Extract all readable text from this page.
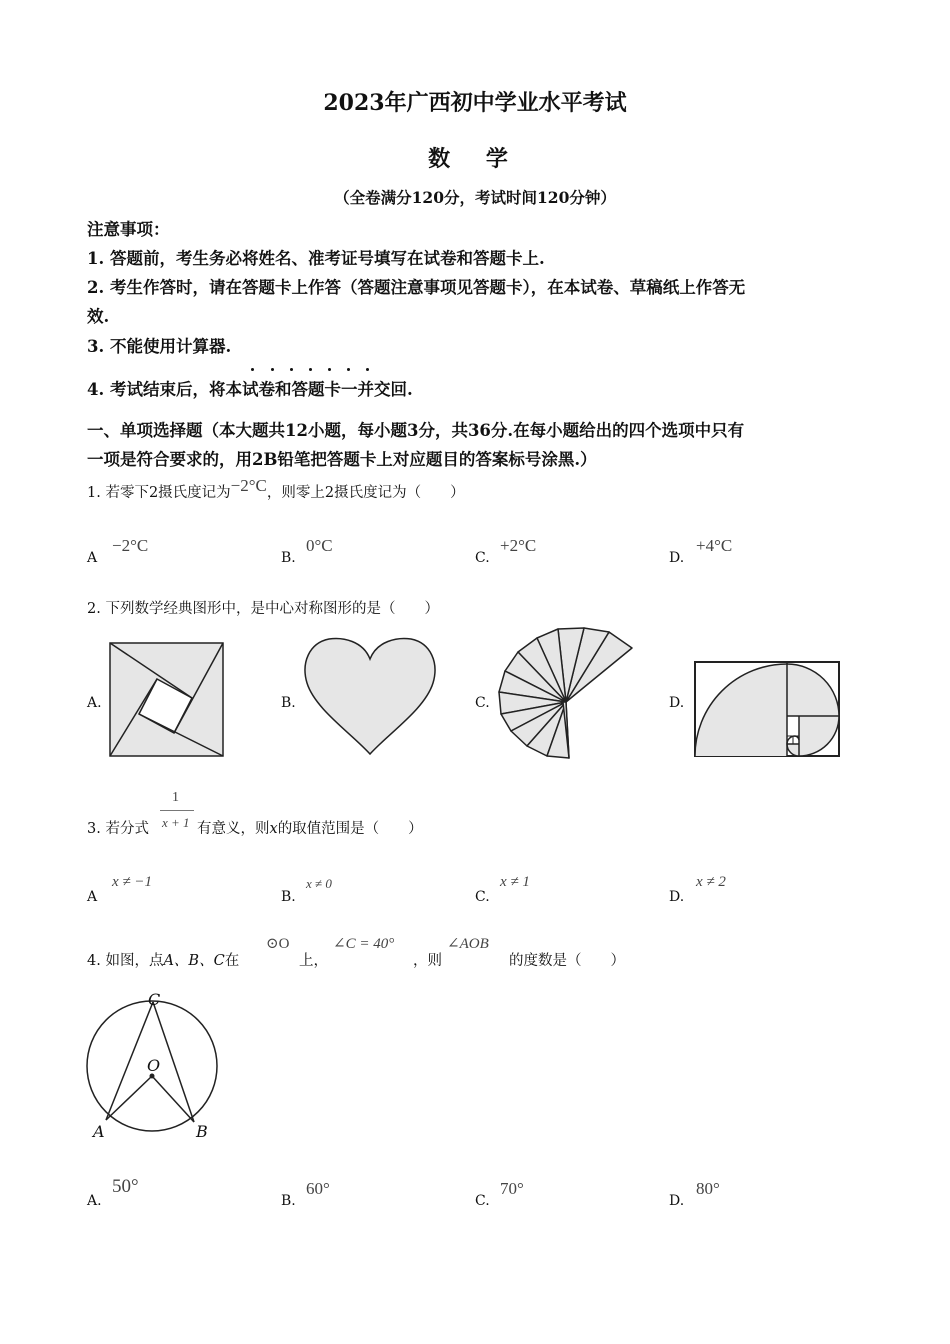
2023年广西初中学业水平考试
数 学
（全卷满分120分，考试时间120分钟）
注意事项：
1. 答题前，考生务必将姓名、准考证号填写在试卷和答题卡上.
2. 考生作答时，请在答题卡上作答（答题注意事项见答题卡），在本试卷、草稿纸上作答无
效.
3. 不能使用计算器.
4. 考试结束后，将本试卷和答题卡一并交回.
一、单项选择题（本大题共12小题，每小题3分，共36分.在每小题给出的四个选项中只有
一项是符合要求的，用2B铅笔把答题卡上对应题目的答案标号涂黑.）
1. 若零下2摄氏度记为−2°C，则零上2摄氏度记为（　　）
A
−2°C
B.
0°C
C.
+2°C
D.
+4°C
2. 下列数学经典图形中，是中心对称图形的是（　　）
A.	B.	C.	D.
1
x + 1
3. 若分式	有意义，则x的取值范围是（　　）
A
x ≠ −1
B.
x ≠ 0
C.
x ≠ 1
D.
x ≠ 2
4. 如图，点A、B、C在
⊙O
上，
∠C = 40°
，则
∠AOB
的度数是（　　）
C
O
A	B
A.
50°
B.
60°
C.
70°
D.
80°
